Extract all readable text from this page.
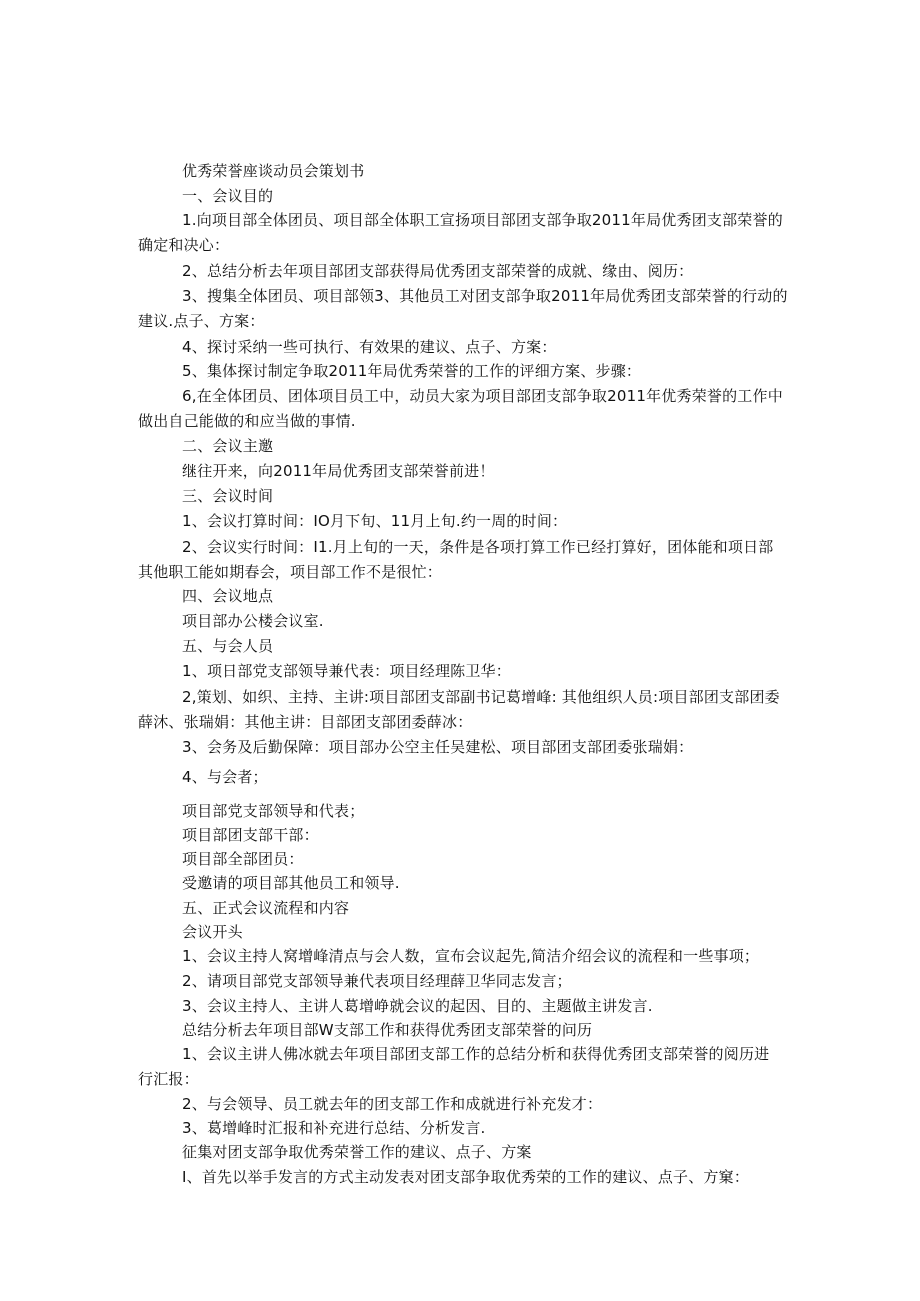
优秀荣誉座谈动员会策划书
一、会议目的
1.向项目部全体团员、项目部全体职工宣扬项目部团支部争取2011年局优秀团支部荣誉的
确定和决心：
2、总结分析去年项目部团支部获得局优秀团支部荣誉的成就、缘由、阅历：
3、搜集全体团员、项目部领3、其他员工对团支部争取2011年局优秀团支部荣誉的行动的
建议.点子、方案：
4、探讨采纳一些可执行、有效果的建议、点子、方案：
5、集体探讨制定争取2011年局优秀荣誉的工作的评细方案、步骤：
6,在全体团员、团体项目员工中，动员大家为项目部团支部争取2011年优秀荣誉的工作中
做出自己能做的和应当做的事情.
二、会议主邀
继往开来，向2011年局优秀团支部荣誉前进！
三、会议时间
1、会议打算时间：IO月下旬、11月上旬.约一周的时间：
2、会议实行时间：I1.月上旬的一天，条件是各项打算工作已经打算好，团体能和项日部
其他职工能如期春会，项目部工作不是很忙：
四、会议地点
项目部办公楼会议室.
五、与会人员
1、项日部党支部领导兼代表：项目经理陈卫华：
2,策划、如织、主持、主讲:项目部团支部副书记葛增峰: 其他组织人员:项目部团支部团委
薛沐、张瑞娟：其他主讲：目部团支部团委薛冰：
3、会务及后勤保障：项目部办公空主任吴建松、项目部团支部团委张瑞娟：
4、与会者；
项目部党支部领导和代表；
项目部团支部干部：
项目部全部团员：
受邀请的项目部其他员工和领导.
五、正式会议流程和内容
会议开头
1、会议主持人窝增峰清点与会人数，宣布会议起先,简洁介绍会议的流程和一些事项；
2、请项目部党支部领导兼代表项目经理薛卫华同志发言；
3、会议主持人、主讲人葛增峥就会议的起因、目的、主题做主讲发言.
总结分析去年项目部W支部工作和获得优秀团支部荣誉的问历
1、会议主讲人佛冰就去年项目部团支部工作的总结分析和获得优秀团支部荣誉的阅历进
行汇报：
2、与会领导、员工就去年的团支部工作和成就进行补充发才：
3、葛增峰时汇报和补充进行总结、分析发言.
征集对团支部争取优秀荣誉工作的建议、点子、方案
I、首先以举手发言的方式主动发表对团支部争取优秀荣的工作的建议、点子、方窠：
